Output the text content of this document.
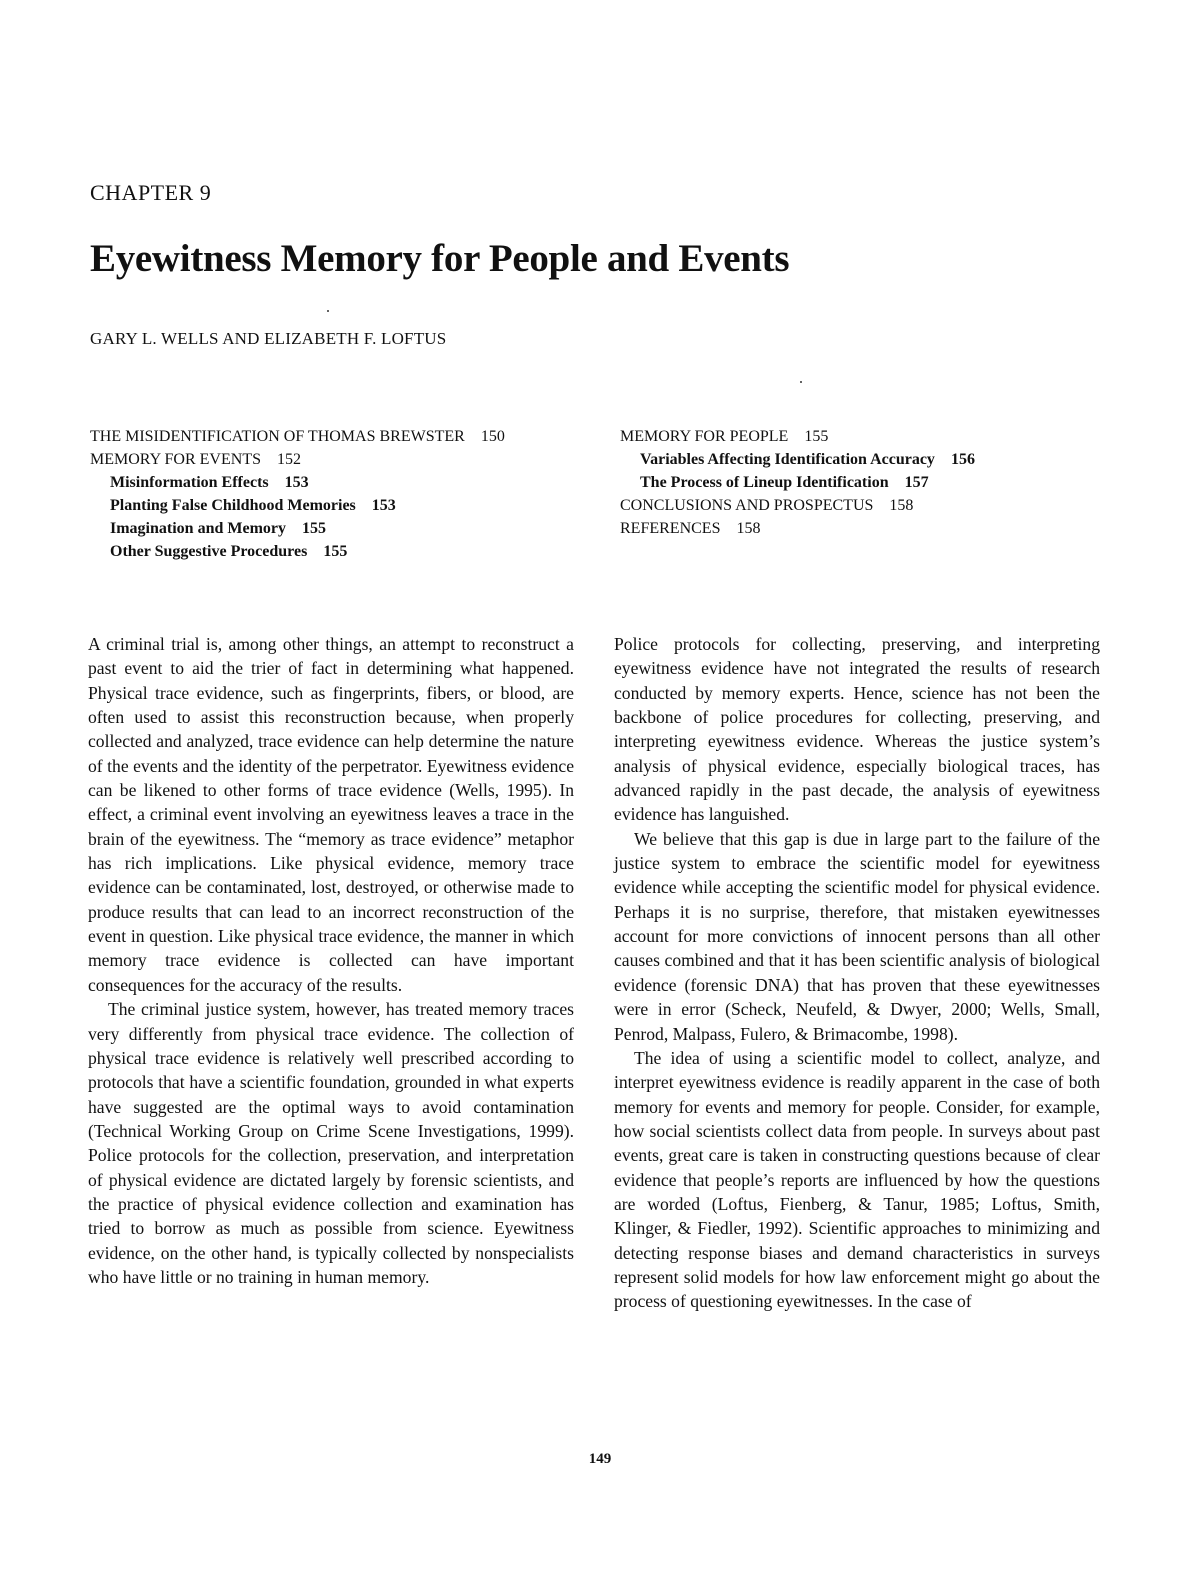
CHAPTER 9
Eyewitness Memory for People and Events
GARY L. WELLS AND ELIZABETH F. LOFTUS
THE MISIDENTIFICATION OF THOMAS BREWSTER 150
MEMORY FOR EVENTS 152
Misinformation Effects 153
Planting False Childhood Memories 153
Imagination and Memory 155
Other Suggestive Procedures 155
MEMORY FOR PEOPLE 155
Variables Affecting Identification Accuracy 156
The Process of Lineup Identification 157
CONCLUSIONS AND PROSPECTUS 158
REFERENCES 158

A criminal trial is, among other things, an attempt to reconstruct a past event to aid the trier of fact in determining what happened. Physical trace evidence, such as fingerprints, fibers, or blood, are often used to assist this reconstruction because, when properly collected and analyzed, trace evidence can help determine the nature of the events and the identity of the perpetrator. Eyewitness evidence can be likened to other forms of trace evidence (Wells, 1995). In effect, a criminal event involving an eyewitness leaves a trace in the brain of the eyewitness. The “memory as trace evidence” metaphor has rich implications. Like physical evidence, memory trace evidence can be contaminated, lost, destroyed, or otherwise made to produce results that can lead to an incorrect reconstruction of the event in question. Like physical trace evidence, the manner in which memory trace evidence is collected can have important consequences for the accuracy of the results.

The criminal justice system, however, has treated memory traces very differently from physical trace evidence. The collection of physical trace evidence is relatively well prescribed according to protocols that have a scientific foundation, grounded in what experts have suggested are the optimal ways to avoid contamination (Technical Working Group on Crime Scene Investigations, 1999). Police protocols for the collection, preservation, and interpretation of physical evidence are dictated largely by forensic scientists, and the practice of physical evidence collection and examination has tried to borrow as much as possible from science. Eyewitness evidence, on the other hand, is typically collected by nonspecialists who have little or no training in human memory.

Police protocols for collecting, preserving, and interpreting eyewitness evidence have not integrated the results of research conducted by memory experts. Hence, science has not been the backbone of police procedures for collecting, preserving, and interpreting eyewitness evidence. Whereas the justice system’s analysis of physical evidence, especially biological traces, has advanced rapidly in the past decade, the analysis of eyewitness evidence has languished.

We believe that this gap is due in large part to the failure of the justice system to embrace the scientific model for eyewitness evidence while accepting the scientific model for physical evidence. Perhaps it is no surprise, therefore, that mistaken eyewitnesses account for more convictions of innocent persons than all other causes combined and that it has been scientific analysis of biological evidence (forensic DNA) that has proven that these eyewitnesses were in error (Scheck, Neufeld, & Dwyer, 2000; Wells, Small, Penrod, Malpass, Fulero, & Brimacombe, 1998).

The idea of using a scientific model to collect, analyze, and interpret eyewitness evidence is readily apparent in the case of both memory for events and memory for people. Consider, for example, how social scientists collect data from people. In surveys about past events, great care is taken in constructing questions because of clear evidence that people’s reports are influenced by how the questions are worded (Loftus, Fienberg, & Tanur, 1985; Loftus, Smith, Klinger, & Fiedler, 1992). Scientific approaches to minimizing and detecting response biases and demand characteristics in surveys represent solid models for how law enforcement might go about the process of questioning eyewitnesses. In the case of

149
